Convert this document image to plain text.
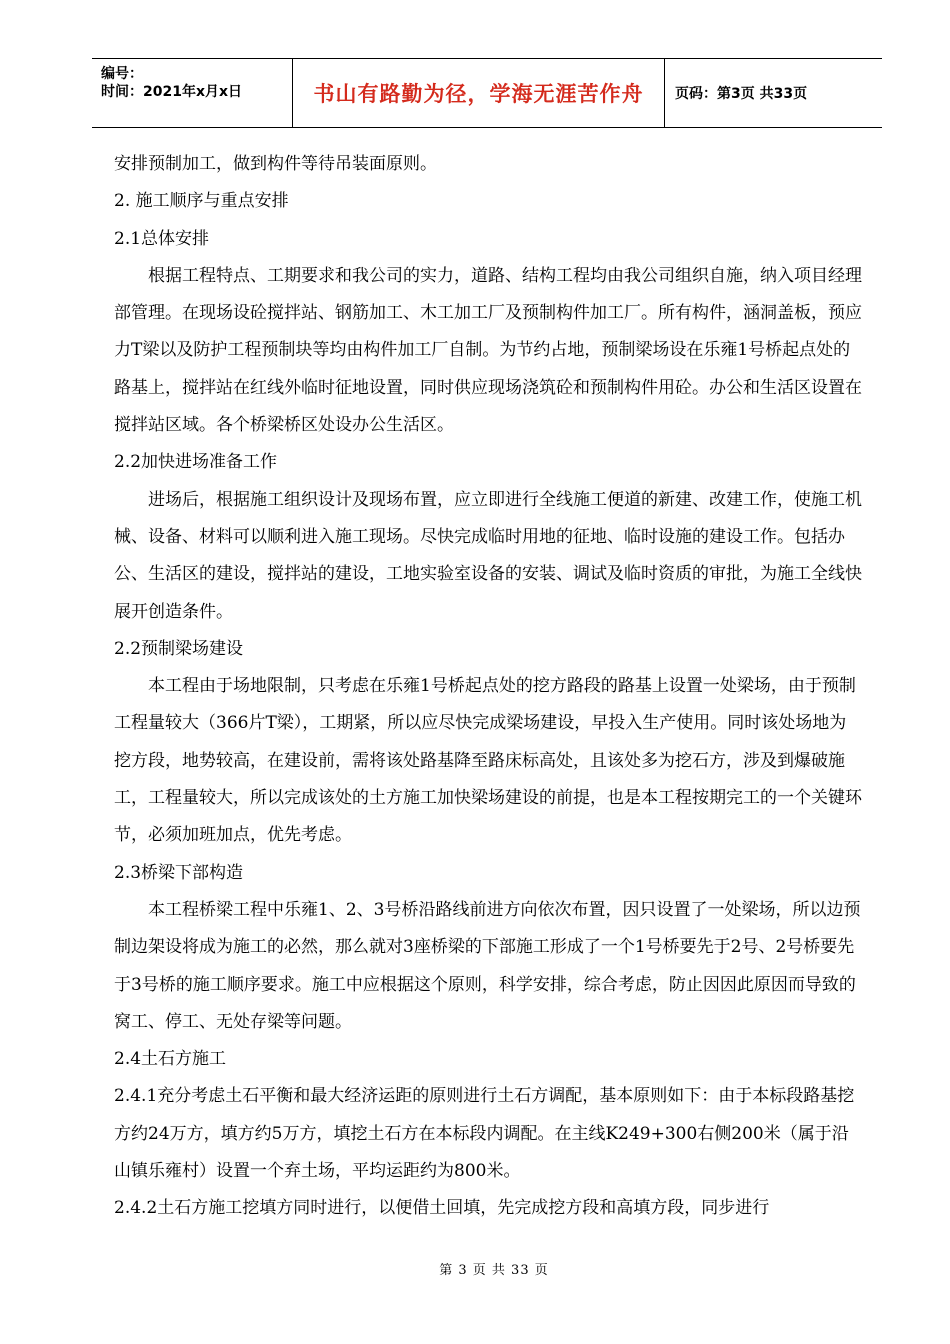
编号：
时间：2021年x月x日	书山有路勤为径，学海无涯苦作舟	页码：第3页 共33页

安排预制加工，做到构件等待吊装面原则。

2. 施工顺序与重点安排

2.1总体安排

根据工程特点、工期要求和我公司的实力，道路、结构工程均由我公司组织自施，纳入项目经理部管理。在现场设砼搅拌站、钢筋加工、木工加工厂及预制构件加工厂。所有构件，涵洞盖板，预应力T梁以及防护工程预制块等均由构件加工厂自制。为节约占地，预制梁场设在乐雍1号桥起点处的路基上，搅拌站在红线外临时征地设置，同时供应现场浇筑砼和预制构件用砼。办公和生活区设置在搅拌站区域。各个桥梁桥区处设办公生活区。

2.2加快进场准备工作

进场后，根据施工组织设计及现场布置，应立即进行全线施工便道的新建、改建工作，使施工机械、设备、材料可以顺利进入施工现场。尽快完成临时用地的征地、临时设施的建设工作。包括办公、生活区的建设，搅拌站的建设，工地实验室设备的安装、调试及临时资质的审批，为施工全线快展开创造条件。

2.2预制梁场建设

本工程由于场地限制，只考虑在乐雍1号桥起点处的挖方路段的路基上设置一处梁场，由于预制工程量较大（366片T梁），工期紧，所以应尽快完成梁场建设，早投入生产使用。同时该处场地为挖方段，地势较高，在建设前，需将该处路基降至路床标高处，且该处多为挖石方，涉及到爆破施工，工程量较大，所以完成该处的土方施工加快梁场建设的前提，也是本工程按期完工的一个关键环节，必须加班加点，优先考虑。

2.3桥梁下部构造

本工程桥梁工程中乐雍1、2、3号桥沿路线前进方向依次布置，因只设置了一处梁场，所以边预制边架设将成为施工的必然，那么就对3座桥梁的下部施工形成了一个1号桥要先于2号、2号桥要先于3号桥的施工顺序要求。施工中应根据这个原则，科学安排，综合考虑，防止因因此原因而导致的窝工、停工、无处存梁等问题。

2.4土石方施工

2.4.1充分考虑土石平衡和最大经济运距的原则进行土石方调配，基本原则如下：由于本标段路基挖方约24万方，填方约5万方，填挖土石方在本标段内调配。在主线K249+300右侧200米（属于沿山镇乐雍村）设置一个弃土场，平均运距约为800米。

2.4.2土石方施工挖填方同时进行，以便借土回填，先完成挖方段和高填方段，同步进行

第 3 页 共 33 页
